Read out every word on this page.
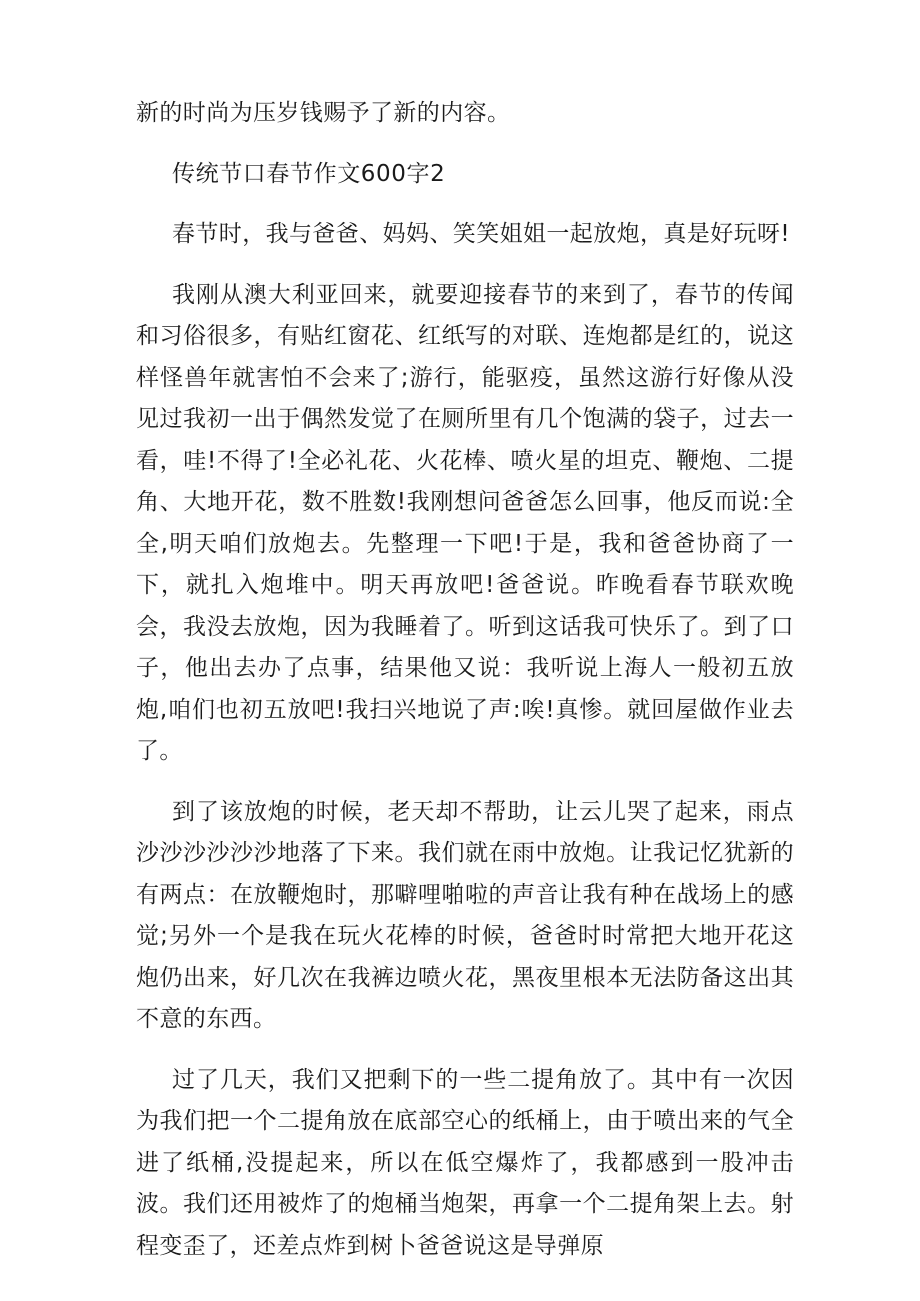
新的时尚为压岁钱赐予了新的内容。

传统节口春节作文600字2

春节时，我与爸爸、妈妈、笑笑姐姐一起放炮，真是好玩呀!

我刚从澳大利亚回来，就要迎接春节的来到了，春节的传闻和习俗很多，有贴红窗花、红纸写的对联、连炮都是红的，说这样怪兽年就害怕不会来了;游行，能驱疫，虽然这游行好像从没见过我初一出于偶然发觉了在厕所里有几个饱满的袋子，过去一看，哇!不得了!全必礼花、火花棒、喷火星的坦克、鞭炮、二提角、大地开花，数不胜数!我刚想问爸爸怎么回事，他反而说:全全,明天咱们放炮去。先整理一下吧!于是，我和爸爸协商了一下，就扎入炮堆中。明天再放吧!爸爸说。昨晚看春节联欢晚会，我没去放炮，因为我睡着了。听到这话我可快乐了。到了口子，他出去办了点事，结果他又说：我听说上海人一般初五放炮,咱们也初五放吧!我扫兴地说了声:唉!真惨。就回屋做作业去了。

到了该放炮的时候，老天却不帮助，让云儿哭了起来，雨点沙沙沙沙沙沙地落了下来。我们就在雨中放炮。让我记忆犹新的有两点：在放鞭炮时，那噼哩啪啦的声音让我有种在战场上的感觉;另外一个是我在玩火花棒的时候，爸爸时时常把大地开花这炮仍出来，好几次在我裤边喷火花，黑夜里根本无法防备这出其不意的东西。

过了几天，我们又把剩下的一些二提角放了。其中有一次因为我们把一个二提角放在底部空心的纸桶上，由于喷出来的气全进了纸桶,没提起来，所以在低空爆炸了，我都感到一股冲击波。我们还用被炸了的炮桶当炮架，再拿一个二提角架上去。射程变歪了，还差点炸到树卜爸爸说这是导弹原
